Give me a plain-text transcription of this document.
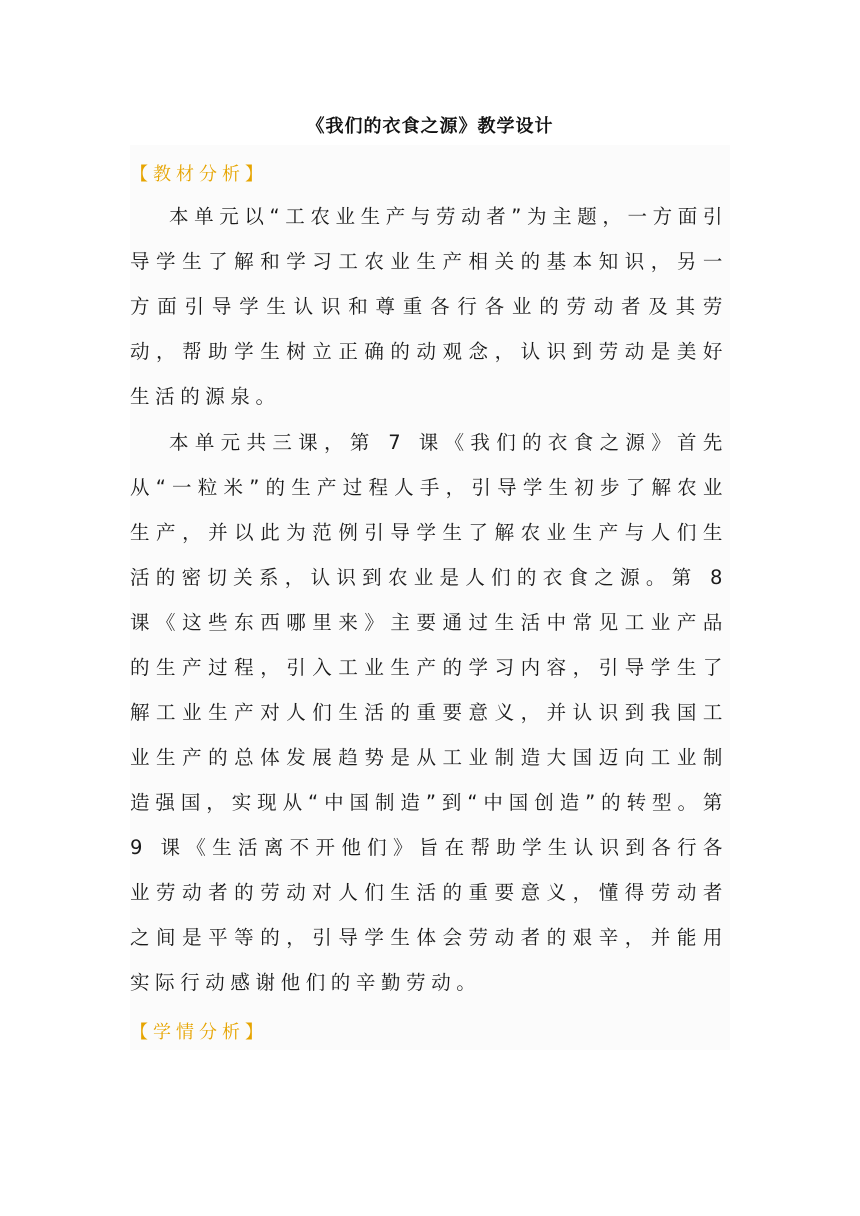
《我们的衣食之源》教学设计
【教材分析】

本单元以“工农业生产与劳动者”为主题，一方面引导学生了解和学习工农业生产相关的基本知识，另一方面引导学生认识和尊重各行各业的劳动者及其劳动，帮助学生树立正确的动观念，认识到劳动是美好生活的源泉。

本单元共三课，第 7 课《我们的衣食之源》首先从“一粒米”的生产过程人手，引导学生初步了解农业生产，并以此为范例引导学生了解农业生产与人们生活的密切关系，认识到农业是人们的衣食之源。第 8 课《这些东西哪里来》主要通过生活中常见工业产品的生产过程，引入工业生产的学习内容，引导学生了解工业生产对人们生活的重要意义，并认识到我国工业生产的总体发展趋势是从工业制造大国迈向工业制造强国，实现从“中国制造”到“中国创造”的转型。第 9 课《生活离不开他们》旨在帮助学生认识到各行各业劳动者的劳动对人们生活的重要意义，懂得劳动者之间是平等的，引导学生体会劳动者的艰辛，并能用实际行动感谢他们的辛勤劳动。

【学情分析】
